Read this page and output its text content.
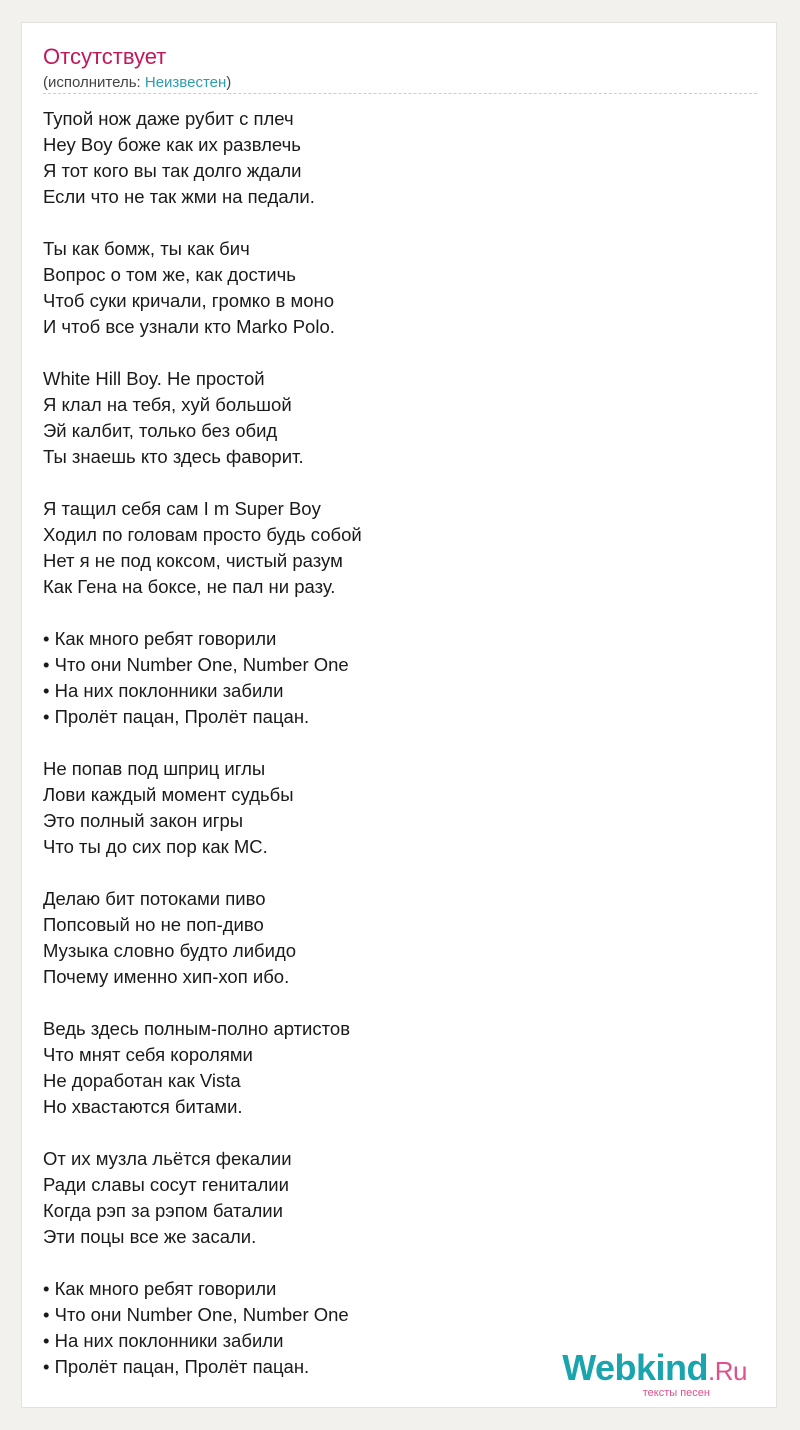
Отсутствует
(исполнитель: Неизвестен)
Тупой нож даже рубит с плеч
Неу Воу боже как их развлечь
Я тот кого вы так долго ждали
Если что не так жми на педали.
Ты как бомж, ты как бич
Вопрос о том же, как достичь
Чтоб суки кричали, громко в моно
И чтоб все узнали кто Marko Polo.
White Hill Boy. Не простой
Я клал на тебя, хуй большой
Эй калбит, только без обид
Ты знаешь кто здесь фаворит.
Я тащил себя сам I m Super Boy
Ходил по головам просто будь собой
Нет я не под коксом, чистый разум
Как Гена на боксе, не пал ни разу.
• Как много ребят говорили
• Что они Number One, Number One
• На них поклонники забили
• Пролёт пацан, Пролёт пацан.
Не попав под шприц иглы
Лови каждый момент судьбы
Это полный закон игры
Что ты до сих пор как МС.
Делаю бит потоками пиво
Попсовый но не поп-диво
Музыка словно будто либидо
Почему именно хип-хоп ибо.
Ведь здесь полным-полно артистов
Что мнят себя королями
Не доработан как Vista
Но хвастаются битами.
От их музла льётся фекалии
Ради славы сосут гениталии
Когда рэп за рэпом баталии
Эти поцы все же засали.
• Как много ребят говорили
• Что они Number One, Number One
• На них поклонники забили
• Пролёт пацан, Пролёт пацан.	Webkind.Ru
тексты песен
